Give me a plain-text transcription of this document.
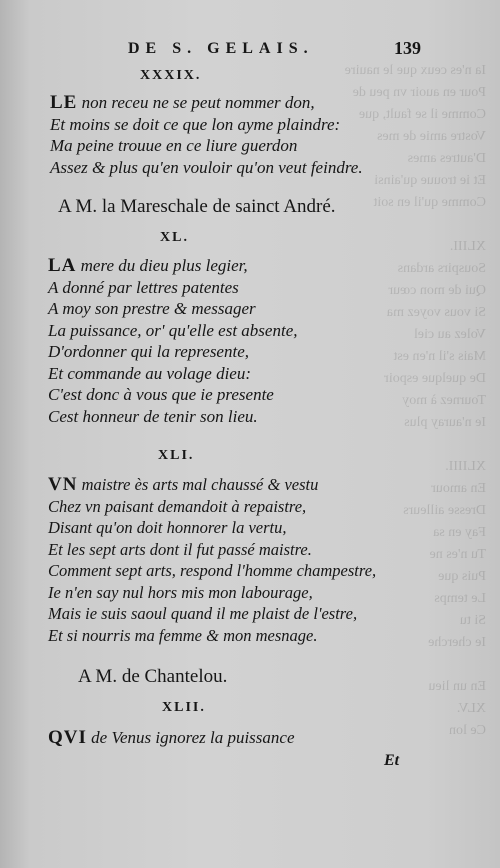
Ia n'es ceux que le nauire
Pour en auoir vn peu de
Comme il se fault, que
Vostre amie de mes
D'autres ames
Et ie trouue qu'ainsi
Comme qu'il en soit

XLIII.
Souspirs ardans
Qui de mon cœur
Si vous voyez ma
Volez au ciel
Mais s'il n'en est
De quelque espoir
Tournez à moy
Ie n'auray plus

XLIIII.
En amour
Dresse ailleurs
Fay en sa
Tu n'es ne
Puis que
Le temps
Si tu
Ie cherche

En un lieu
XLV.
Ce lon

DE S. GELAIS.	139
XXXIX.
LE non receu ne se peut nommer don,
Et moins se doit ce que lon ayme plaindre:
Ma peine trouue en ce liure guerdon
Assez & plus qu'en vouloir qu'on veut feindre.
A M. la Mareschale de sainct André.
XL.
LA mere du dieu plus legier,
A donné par lettres patentes
A moy son prestre & messager
La puissance, or' qu'elle est absente,
D'ordonner qui la represente,
Et commande au volage dieu:
C'est donc à vous que ie presente
Cest honneur de tenir son lieu.
XLI.
VN maistre ès arts mal chaussé & vestu
Chez vn paisant demandoit à repaistre,
Disant qu'on doit honnorer la vertu,
Et les sept arts dont il fut passé maistre.
Comment sept arts, respond l'homme champestre,
Ie n'en say nul hors mis mon labourage,
Mais ie suis saoul quand il me plaist de l'estre,
Et si nourris ma femme & mon mesnage.
A M. de Chantelou.
XLII.
QVI de Venus ignorez la puissance
Et
